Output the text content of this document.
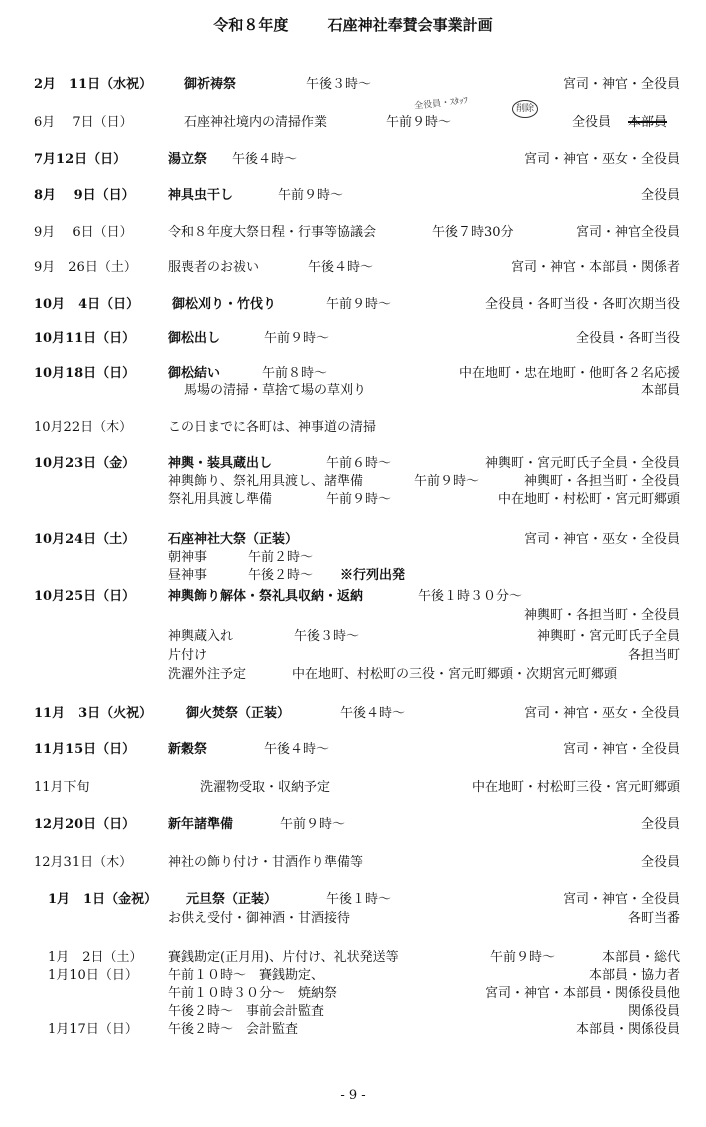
令和８年度	石座神社奉賛会事業計画
2月　11日（水祝） 御祈祷祭	午後３時～	宮司・神官・全役員
6月　 7日（日）	石座神社境内の清掃作業	午前９時～	全役員 本部員
全役員・ｽﾀｯﾌ	削除
7月12日（日）	湯立祭 午後４時～	宮司・神官・巫女・全役員
8月　 9日（日）	神具虫干し	午前９時～	全役員
9月　 6日（日）	令和８年度大祭日程・行事等協議会	午後７時30分	宮司・神官全役員
9月　26日（土） 服喪者のお祓い	午後４時～	宮司・神官・本部員・関係者
10月　4日（日）	御松刈り・竹伐り	午前９時～	全役員・各町当役・各町次期当役
10月11日（日）	御松出し	午前９時～	全役員・各町当役
10月18日（日）	御松結い	午前８時～	中在地町・忠在地町・他町各２名応援
馬場の清掃・草捨て場の草刈り	本部員
10月22日（木）	この日までに各町は、神事道の清掃
10月23日（金）	神輿・装具蔵出し	午前６時～	神輿町・宮元町氏子全員・全役員
神輿飾り、祭礼用具渡し、諸準備	午前９時～	神輿町・各担当町・全役員
祭礼用具渡し準備	午前９時～	中在地町・村松町・宮元町郷頭
10月24日（土）	石座神社大祭（正装）	宮司・神官・巫女・全役員
朝神事	午前２時～
昼神事	午後２時～ ※行列出発
10月25日（日）	神輿飾り解体・祭礼具収納・返納	午後１時３０分～
神輿町・各担当町・全役員
神輿蔵入れ	午後３時～	神輿町・宮元町氏子全員
片付け	各担当町
洗濯外注予定	中在地町、村松町の三役・宮元町郷頭・次期宮元町郷頭
11月　3日（火祝）	御火焚祭（正装）	午後４時～	宮司・神官・巫女・全役員
11月15日（日）	新穀祭	午後４時～	宮司・神官・全役員
11月下旬	洗濯物受取・収納予定	中在地町・村松町三役・宮元町郷頭
12月20日（日）	新年諸準備	午前９時～	全役員
12月31日（木）	神社の飾り付け・甘酒作り準備等	全役員
1月　1日（金祝） 元旦祭（正装）	午後１時～	宮司・神官・全役員
お供え受付・御神酒・甘酒接待	各町当番
1月　2日（土） 賽銭勘定(正月用)、片付け、礼状発送等	午前９時～	本部員・総代
1月10日（日） 午前１０時～　賽銭勘定、	本部員・協力者
午前１０時３０分～　焼納祭	宮司・神官・本部員・関係役員他
午後２時～　事前会計監査	関係役員
1月17日（日） 午後２時～　会計監査	本部員・関係役員
- 9 -
